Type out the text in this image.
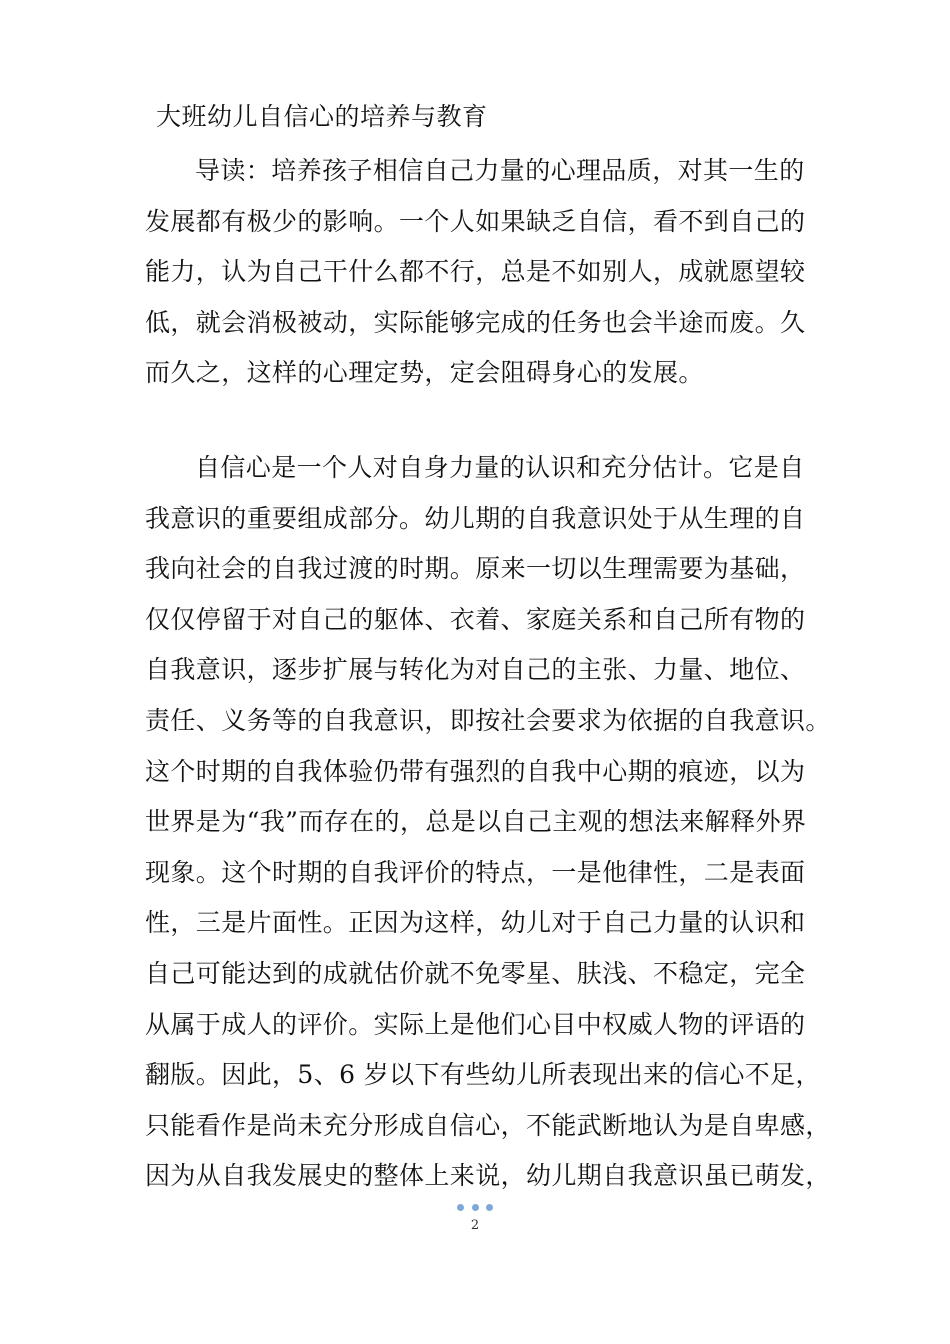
大班幼儿自信心的培养与教育
导读：培养孩子相信自己力量的心理品质，对其一生的
发展都有极少的影响。一个人如果缺乏自信，看不到自己的
能力，认为自己干什么都不行，总是不如别人，成就愿望较
低，就会消极被动，实际能够完成的任务也会半途而废。久
而久之，这样的心理定势，定会阻碍身心的发展。
自信心是一个人对自身力量的认识和充分估计。它是自
我意识的重要组成部分。幼儿期的自我意识处于从生理的自
我向社会的自我过渡的时期。原来一切以生理需要为基础，
仅仅停留于对自己的躯体、衣着、家庭关系和自己所有物的
自我意识，逐步扩展与转化为对自己的主张、力量、地位、
责任、义务等的自我意识，即按社会要求为依据的自我意识。
这个时期的自我体验仍带有强烈的自我中心期的痕迹，以为
世界是为“我”而存在的，总是以自己主观的想法来解释外界
现象。这个时期的自我评价的特点，一是他律性，二是表面
性，三是片面性。正因为这样，幼儿对于自己力量的认识和
自己可能达到的成就估价就不免零星、肤浅、不稳定，完全
从属于成人的评价。实际上是他们心目中权威人物的评语的
翻版。因此，5、6 岁以下有些幼儿所表现出来的信心不足，
只能看作是尚未充分形成自信心，不能武断地认为是自卑感，
因为从自我发展史的整体上来说，幼儿期自我意识虽已萌发，
2
